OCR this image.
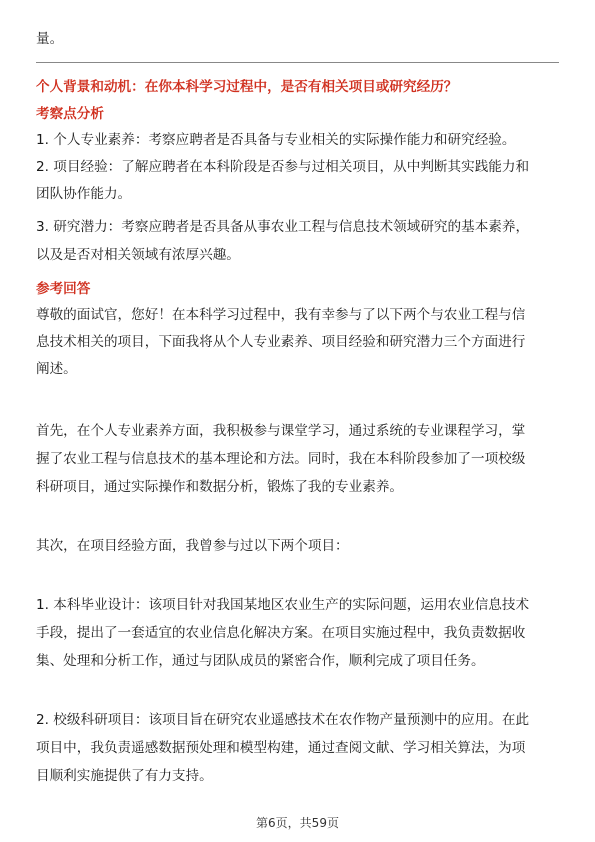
量。
个人背景和动机：在你本科学习过程中，是否有相关项目或研究经历？
考察点分析
1. 个人专业素养：考察应聘者是否具备与专业相关的实际操作能力和研究经验。
2. 项目经验：了解应聘者在本科阶段是否参与过相关项目，从中判断其实践能力和
团队协作能力。
3. 研究潜力：考察应聘者是否具备从事农业工程与信息技术领域研究的基本素养，
以及是否对相关领域有浓厚兴趣。
参考回答
尊敬的面试官，您好！在本科学习过程中，我有幸参与了以下两个与农业工程与信
息技术相关的项目，下面我将从个人专业素养、项目经验和研究潜力三个方面进行
阐述。
首先，在个人专业素养方面，我积极参与课堂学习，通过系统的专业课程学习，掌
握了农业工程与信息技术的基本理论和方法。同时，我在本科阶段参加了一项校级
科研项目，通过实际操作和数据分析，锻炼了我的专业素养。
其次，在项目经验方面，我曾参与过以下两个项目：
1. 本科毕业设计：该项目针对我国某地区农业生产的实际问题，运用农业信息技术
手段，提出了一套适宜的农业信息化解决方案。在项目实施过程中，我负责数据收
集、处理和分析工作，通过与团队成员的紧密合作，顺利完成了项目任务。
2. 校级科研项目：该项目旨在研究农业遥感技术在农作物产量预测中的应用。在此
项目中，我负责遥感数据预处理和模型构建，通过查阅文献、学习相关算法，为项
目顺利实施提供了有力支持。
第6页，共59页
